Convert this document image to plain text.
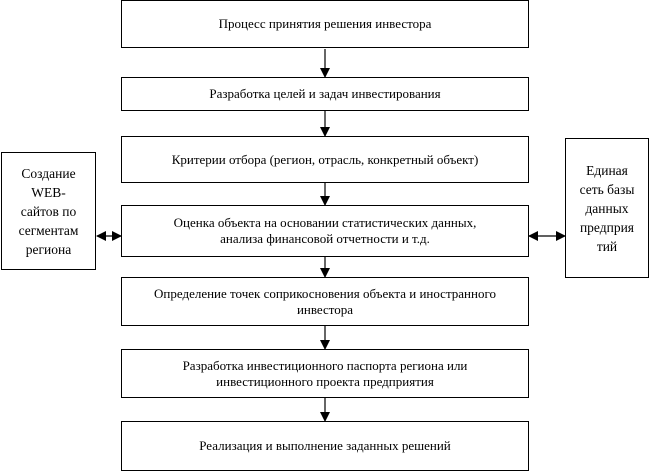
Процесс принятия решения инвестора
Разработка целей и задач инвестирования
Критерии отбора (регион, отрасль, конкретный объект)
Оценка объекта на основании статистических данных,
анализа финансовой отчетности и т.д.
Определение точек соприкосновения объекта и иностранного
инвестора
Разработка инвестиционного паспорта региона или
инвестиционного проекта предприятия
Реализация и выполнение заданных решений
Создание
WEB-
сайтов по
сегментам
региона
Единая
сеть базы
данных
предприя
тий
